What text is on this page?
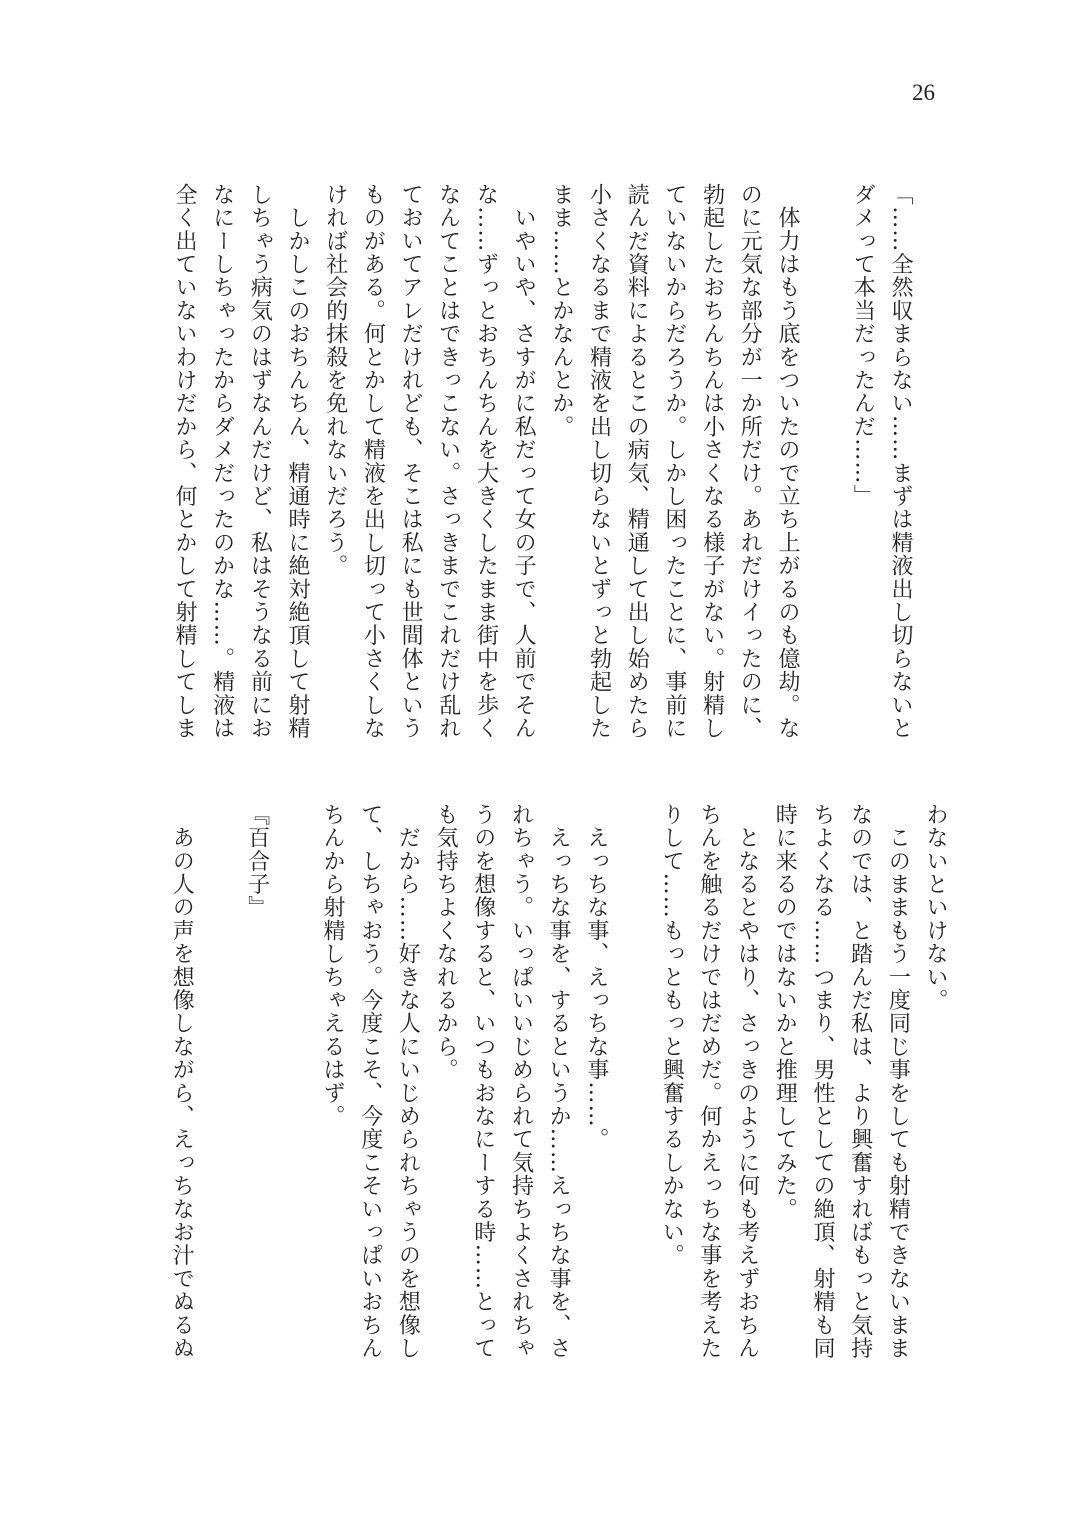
26
「……全然収まらない……まずは精液出し切らないと
ダメって本当だったんだ……」
　体力はもう底をついたので立ち上がるのも億劫。な
のに元気な部分が一か所だけ。あれだけイったのに、
勃起したおちんちんは小さくなる様子がない。射精し
ていないからだろうか。しかし困ったことに、事前に
読んだ資料によるとこの病気、精通して出し始めたら
小さくなるまで精液を出し切らないとずっと勃起した
まま……とかなんとか。
　いやいや、さすがに私だって女の子で、人前でそん
な……ずっとおちんちんを大きくしたまま街中を歩く
なんてことはできっこない。さっきまでこれだけ乱れ
ておいてアレだけれども、そこは私にも世間体という
ものがある。何とかして精液を出し切って小さくしな
ければ社会的抹殺を免れないだろう。
　しかしこのおちんちん、精通時に絶対絶頂して射精
しちゃう病気のはずなんだけど、私はそうなる前にお
なにーしちゃったからダメだったのかな……。精液は
全く出ていないわけだから、何とかして射精してしま
わないといけない。
　このままもう一度同じ事をしても射精できないまま
なのでは、と踏んだ私は、より興奮すればもっと気持
ちよくなる……つまり、男性としての絶頂、射精も同
時に来るのではないかと推理してみた。
　となるとやはり、さっきのように何も考えずおちん
ちんを触るだけではだめだ。何かえっちな事を考えた
りして……もっともっと興奮するしかない。
　えっちな事、えっちな事……。
　えっちな事を、するというか……えっちな事を、さ
れちゃう。いっぱいいじめられて気持ちよくされちゃ
うのを想像すると、いつもおなにーする時……とって
も気持ちよくなれるから。
　だから……好きな人にいじめられちゃうのを想像し
て、しちゃおう。今度こそ、今度こそいっぱいおちん
ちんから射精しちゃえるはず。
『百合子』
　あの人の声を想像しながら、えっちなお汁でぬるぬ
